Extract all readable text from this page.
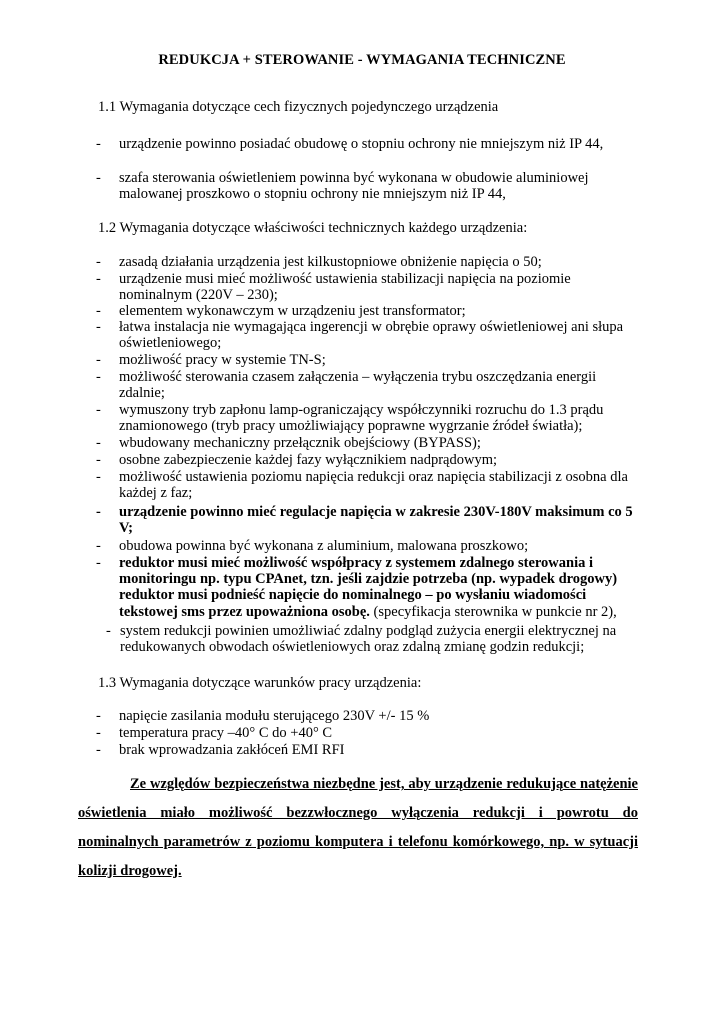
REDUKCJA + STEROWANIE - WYMAGANIA TECHNICZNE
1.1 Wymagania dotyczące cech fizycznych pojedynczego urządzenia
-	urządzenie powinno posiadać obudowę o stopniu ochrony nie mniejszym niż IP 44,
-	szafa sterowania oświetleniem powinna być wykonana w obudowie aluminiowej malowanej proszkowo o stopniu ochrony nie mniejszym niż IP 44,
1.2 Wymagania dotyczące właściwości technicznych każdego urządzenia:
-	zasadą działania urządzenia jest kilkustopniowe obniżenie napięcia o 50;
-	urządzenie musi mieć możliwość ustawienia stabilizacji napięcia na poziomie nominalnym (220V – 230);
-	elementem wykonawczym w urządzeniu jest transformator;
-	łatwa instalacja nie wymagająca ingerencji w obrębie oprawy oświetleniowej ani słupa oświetleniowego;
-	możliwość pracy w systemie TN-S;
-	możliwość sterowania czasem załączenia – wyłączenia trybu oszczędzania energii zdalnie;
-	wymuszony tryb zapłonu lamp-ograniczający współczynniki rozruchu do 1.3 prądu znamionowego (tryb pracy umożliwiający poprawne wygrzanie źródeł światła);
-	wbudowany mechaniczny przełącznik obejściowy (BYPASS);
-	osobne zabezpieczenie każdej fazy wyłącznikiem nadprądowym;
-	możliwość ustawienia poziomu napięcia redukcji oraz napięcia stabilizacji z osobna dla każdej z faz;
-	urządzenie powinno mieć regulacje napięcia w zakresie 230V-180V maksimum co 5 V;
-	obudowa powinna być wykonana z aluminium, malowana proszkowo;
-	reduktor musi mieć możliwość współpracy z systemem zdalnego sterowania i monitoringu np. typu CPAnet, tzn. jeśli zajdzie potrzeba (np. wypadek drogowy) reduktor musi podnieść napięcie do nominalnego – po wysłaniu wiadomości tekstowej sms przez upoważniona osobę. (specyfikacja sterownika w punkcie nr 2),
- system redukcji powinien umożliwiać zdalny podgląd zużycia energii elektrycznej na redukowanych obwodach oświetleniowych oraz zdalną zmianę godzin redukcji;
1.3 Wymagania dotyczące warunków pracy urządzenia:
-	napięcie zasilania modułu sterującego 230V +/- 15 %
-	temperatura pracy –40° C do +40° C
-	brak wprowadzania zakłóceń EMI RFI
Ze względów bezpieczeństwa niezbędne jest, aby urządzenie redukujące natężenie oświetlenia miało możliwość bezzwłocznego wyłączenia redukcji i powrotu do nominalnych parametrów z poziomu komputera i telefonu komórkowego, np. w sytuacji kolizji drogowej.
